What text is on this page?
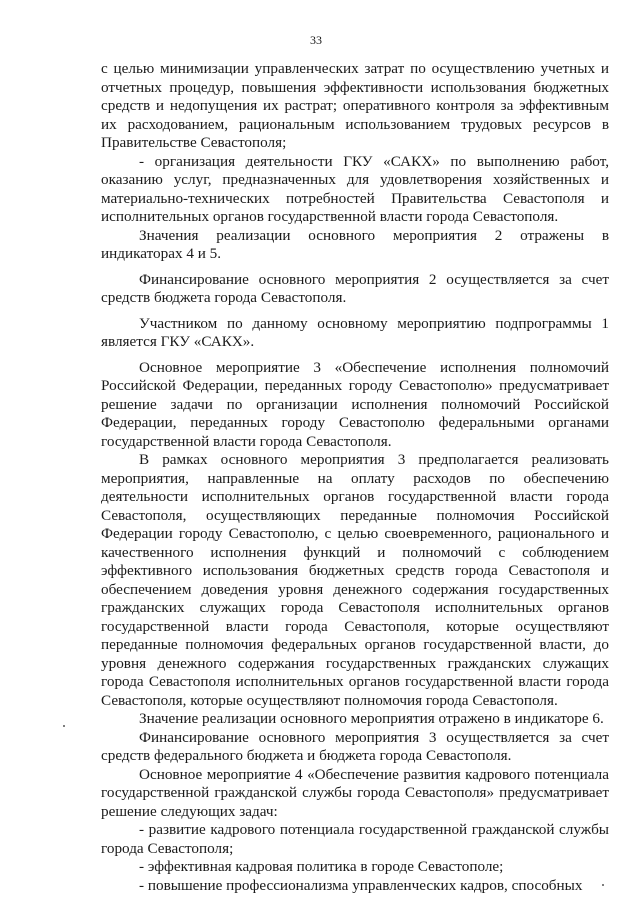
33

с целью минимизации управленческих затрат по осуществлению учетных и отчетных процедур, повышения эффективности использования бюджетных средств и недопущения их растрат; оперативного контроля за эффективным их расходованием, рациональным использованием трудовых ресурсов в Правительстве Севастополя;

- организация деятельности ГКУ «САКХ» по выполнению работ, оказанию услуг, предназначенных для удовлетворения хозяйственных и материально-технических потребностей Правительства Севастополя и исполнительных органов государственной власти города Севастополя.

Значения реализации основного мероприятия 2 отражены в индикаторах 4 и 5.

Финансирование основного мероприятия 2 осуществляется за счет средств бюджета города Севастополя.

Участником по данному основному мероприятию подпрограммы 1 является ГКУ «САКХ».

Основное мероприятие 3 «Обеспечение исполнения полномочий Российской Федерации, переданных городу Севастополю» предусматривает решение задачи по организации исполнения полномочий Российской Федерации, переданных городу Севастополю федеральными органами государственной власти города Севастополя.

В рамках основного мероприятия 3 предполагается реализовать мероприятия, направленные на оплату расходов по обеспечению деятельности исполнительных органов государственной власти города Севастополя, осуществляющих переданные полномочия Российской Федерации городу Севастополю, с целью своевременного, рационального и качественного исполнения функций и полномочий с соблюдением эффективного использования бюджетных средств города Севастополя и обеспечением доведения уровня денежного содержания государственных гражданских служащих города Севастополя исполнительных органов государственной власти города Севастополя, которые осуществляют переданные полномочия федеральных органов государственной власти, до уровня денежного содержания государственных гражданских служащих города Севастополя исполнительных органов государственной власти города Севастополя, которые осуществляют полномочия города Севастополя.

Значение реализации основного мероприятия отражено в индикаторе 6.

Финансирование основного мероприятия 3 осуществляется за счет средств федерального бюджета и бюджета города Севастополя.

Основное мероприятие 4 «Обеспечение развития кадрового потенциала государственной гражданской службы города Севастополя» предусматривает решение следующих задач:

- развитие кадрового потенциала государственной гражданской службы города Севастополя;

- эффективная кадровая политика в городе Севастополе;

- повышение профессионализма управленческих кадров, способных
